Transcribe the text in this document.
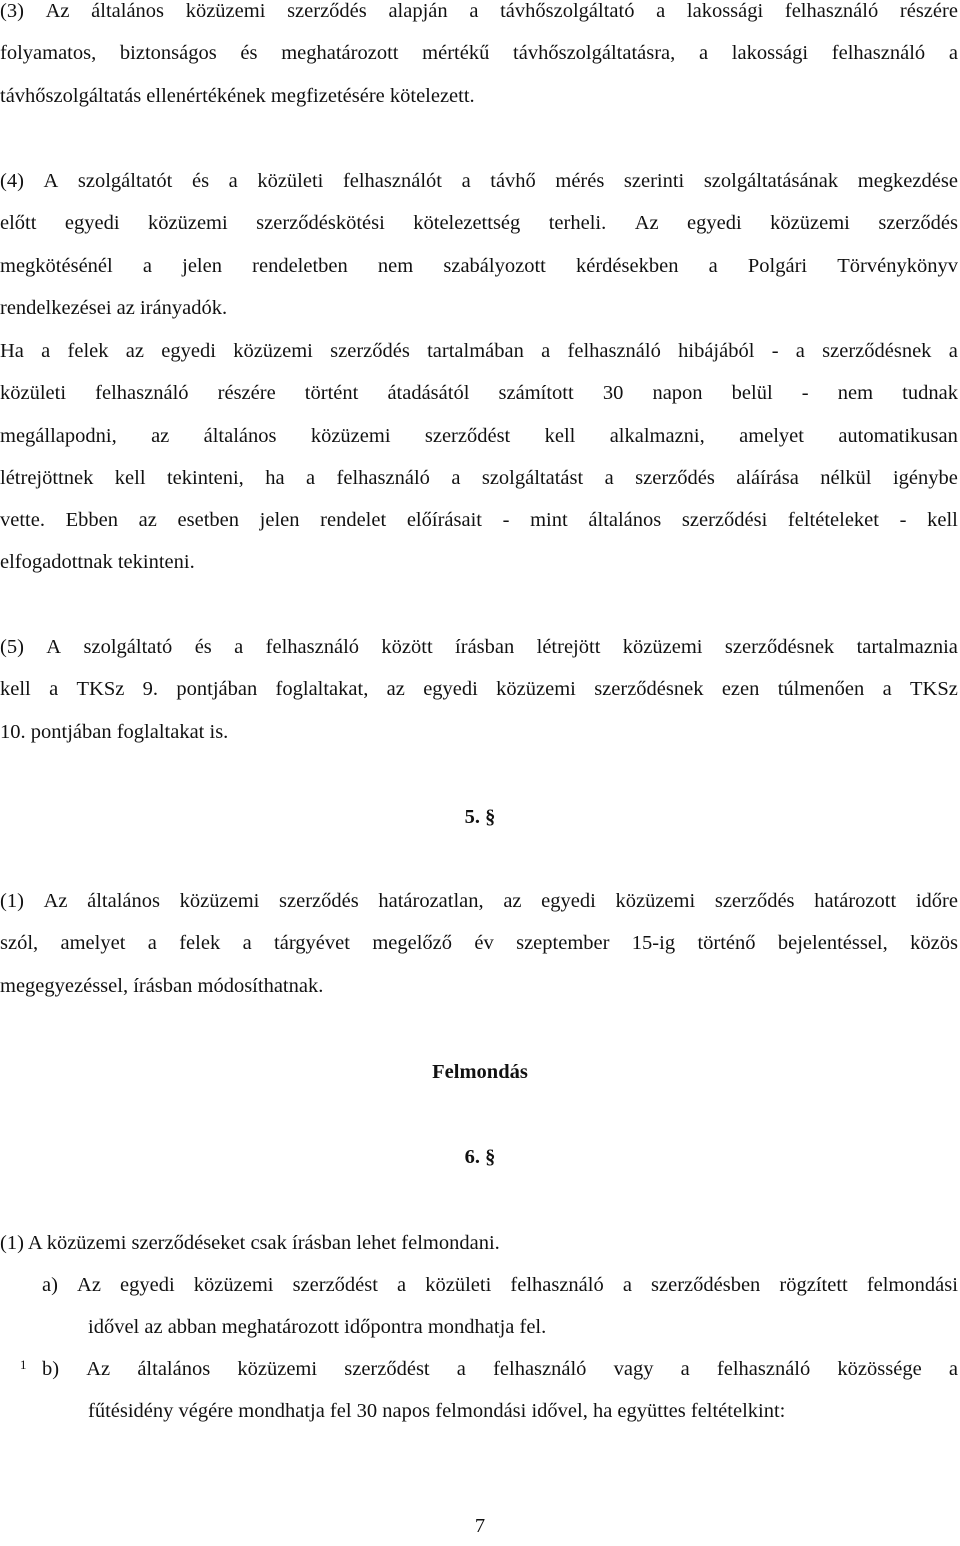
(3) Az általános közüzemi szerződés alapján a távhőszolgáltató a lakossági felhasználó részére
folyamatos, biztonságos és meghatározott mértékű távhőszolgáltatásra, a lakossági felhasználó a
távhőszolgáltatás ellenértékének megfizetésére kötelezett.
(4) A szolgáltatót és a közületi felhasználót a távhő mérés szerinti szolgáltatásának megkezdése
előtt egyedi közüzemi szerződéskötési kötelezettség terheli. Az egyedi közüzemi szerződés
megkötésénél a jelen rendeletben nem szabályozott kérdésekben a Polgári Törvénykönyv
rendelkezései az irányadók.
Ha a felek az egyedi közüzemi szerződés tartalmában a felhasználó hibájából - a szerződésnek a
közületi felhasználó részére történt átadásától számított 30 napon belül - nem tudnak
megállapodni, az általános közüzemi szerződést kell alkalmazni, amelyet automatikusan
létrejöttnek kell tekinteni, ha a felhasználó a szolgáltatást a szerződés aláírása nélkül igénybe
vette. Ebben az esetben jelen rendelet előírásait - mint általános szerződési feltételeket - kell
elfogadottnak tekinteni.
(5) A szolgáltató és a felhasználó között írásban létrejött közüzemi szerződésnek tartalmaznia
kell a TKSz 9. pontjában foglaltakat, az egyedi közüzemi szerződésnek ezen túlmenően a TKSz
10. pontjában foglaltakat is.
5. §
(1) Az általános közüzemi szerződés határozatlan, az egyedi közüzemi szerződés határozott időre
szól, amelyet a felek a tárgyévet megelőző év szeptember 15-ig történő bejelentéssel, közös
megegyezéssel, írásban módosíthatnak.
Felmondás
6. §
(1) A közüzemi szerződéseket csak írásban lehet felmondani.
a) Az egyedi közüzemi szerződést a közületi felhasználó a szerződésben rögzített felmondási
idővel az abban meghatározott időpontra mondhatja fel.
$^1$ b) Az általános közüzemi szerződést a felhasználó vagy a felhasználó közössége a
fűtésidény végére mondhatja fel 30 napos felmondási idővel, ha együttes feltételkint:
7
